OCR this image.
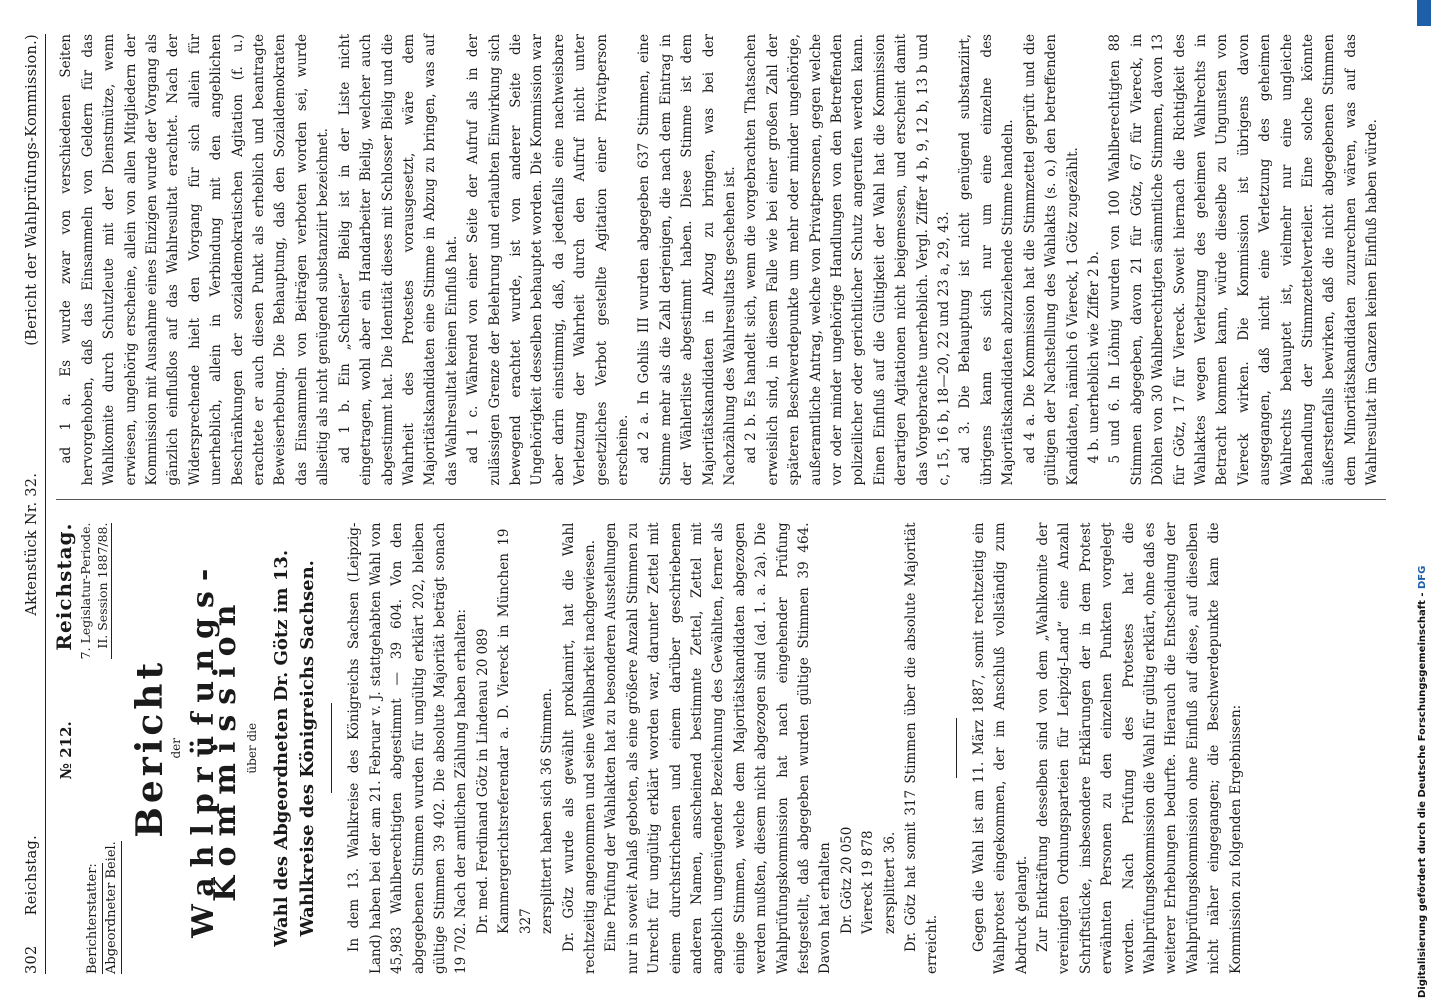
302
Reichstag.
Aktenstück Nr. 32.
(Bericht der Wahlprüfungs-Kommission.)
Berichterstatter: Abgeordneter Beiel.
№ 212.
Reichstag. 7. Legislatur-Periode. II. Session 1887/88.
Bericht
der Wahlprüfungs-Kommission über die Wahl des Abgeordneten Dr. Götz im 13. Wahlkreise des Königreichs Sachsen. In dem 13. Wahlkreise des Königreichs Sachsen (Leipzig-Land) haben bei der am 21. Februar v. J. stattgehabten Wahl von 45,983 Wahlberechtigten abgestimmt — 39 604. Von den abgegebenen Stimmen wurden für ungültig erklärt 202, bleiben gültige Stimmen 39 402. Die absolute Majorität beträgt sonach 19 702. Nach der amtlichen Zählung haben erhalten: Dr. med. Ferdinand Götz in Lindenau 20 089 Kammergerichtsreferendar a. D. Viereck in München 19 327 zersplittert haben sich 36 Stimmen. Dr. Götz wurde als gewählt proklamirt, hat die Wahl rechtzeitig angenommen und seine Wählbarkeit nachgewiesen. Eine Prüfung der Wahlakten hat zu besonderen Ausstellungen nur in soweit Anlaß geboten, als eine größere Anzahl Stimmen zu Unrecht für ungültig erklärt worden war, darunter Zettel mit einem durchstrichenen und einem darüber geschriebenen anderen Namen, anscheinend bestimmte Zettel, Zettel mit angeblich ungenügender Bezeichnung des Gewählten, ferner als einige Stimmen, welche dem Majoritätskandidaten abgezogen werden mußten, diesem nicht abgezogen sind (ad. 1. a. 2a). Die Wahlprüfungskommission hat nach eingehender Prüfung festgestellt, daß abgegeben wurden gültige Stimmen 39 464. Davon hat erhalten Dr. Götz 20 050 Viereck 19 878 zersplittert 36. Dr. Götz hat somit 317 Stimmen über die absolute Majorität erreicht. Gegen die Wahl ist am 11. März 1887, somit rechtzeitig ein Wahlprotest eingekommen, der im Anschluß vollständig zum Abdruck gelangt. Zur Entkräftung desselben sind von dem „Wahlkomite der vereinigten Ordnungsparteien für Leipzig-Land“ eine Anzahl Schriftstücke, insbesondere Erklärungen der in dem Protest erwähnten Personen zu den einzelnen Punkten vorgelegt worden. Nach Prüfung des Protestes hat die Wahlprüfungskommission die Wahl für gültig erklärt, ohne daß es weiterer Erhebungen bedurfte. Hierauch die Entscheidung der Wahlprüfungskommission ohne Einfluß auf diese, auf dieselben nicht näher eingegangen; die Beschwerdepunkte kam die Kommission zu folgenden Ergebnissen:

ad 1 a. Es wurde zwar von verschiedenen Seiten hervorgehoben, daß das Einsammeln von Geldern für das Wahlkomite durch Schutzleute mit der Dienstmütze, wenn erwiesen, ungehörig erscheine, allein von allen Mitgliedern der Kommission mit Ausnahme eines Einzigen wurde der Vorgang als gänzlich einflußlos auf das Wahlresultat erachtet. Nach der Widersprechende hielt den Vorgang für sich allein für unerheblich, allein in Verbindung mit den angeblichen Beschränkungen der sozialdemokratischen Agitation (f. u.) erachtete er auch diesen Punkt als erheblich und beantragte Beweiserhebung. Die Behauptung, daß den Sozialdemokraten das Einsammeln von Beiträgen verboten worden sei, wurde allseitig als nicht genügend substanziirt bezeichnet. ad 1 b. Ein „Schlesier“ Bielig ist in der Liste nicht eingetragen, wohl aber ein Handarbeiter Bielig, welcher auch abgestimmt hat. Die Identität dieses mit Schlosser Bielig und die Wahrheit des Protestes vorausgesetzt, wäre dem Majoritätskandidaten eine Stimme in Abzug zu bringen, was auf das Wahlresultat keinen Einfluß hat. ad 1 c. Während von einer Seite der Aufruf als in der zulässigen Grenze der Belehrung und erlaubten Einwirkung sich bewegend erachtet wurde, ist von anderer Seite die Ungehörigkeit desselben behauptet worden. Die Kommission war aber darin einstimmig, daß, da jedenfalls eine nachweisbare Verletzung der Wahrheit durch den Aufruf nicht unter gesetzliches Verbot gestellte Agitation einer Privatperson erscheine. ad 2 a. In Gohlis III wurden abgegeben 637 Stimmen, eine Stimme mehr als die Zahl derjenigen, die nach dem Eintrag in der Wählerliste abgestimmt haben. Diese Stimme ist dem Majoritätskandidaten in Abzug zu bringen, was bei der Nachzählung des Wahlresultats geschehen ist. ad 2 b. Es handelt sich, wenn die vorgebrachten Thatsachen erweislich sind, in diesem Falle wie bei einer großen Zahl der späteren Beschwerdepunkte um mehr oder minder ungehörige, außeramtliche Antrag, welche von Privatpersonen, gegen welche vor oder minder ungehörige Handlungen von den Betreffenden polizeilicher oder gerichtlicher Schutz angerufen werden kann. Einen Einfluß auf die Gültigkeit der Wahl hat die Kommission derartigen Agitationen nicht beigemessen, und erscheint damit das Vorgebrachte unerheblich. Vergl. Ziffer 4 b, 9, 12 b, 13 b und c, 15, 16 b, 18—20, 22 und 23 a, 29, 43. ad 3. Die Behauptung ist nicht genügend substanziirt, übrigens kann es sich nur um eine einzelne des Majoritätskandidaten abzuziehende Stimme handeln. ad 4 a. Die Kommission hat die Stimmzettel geprüft und die gültigen der Nachstellung des Wahlakts (s. o.) den betreffenden Kandidaten, nämlich 6 Viereck, 1 Götz zugezählt. 4 b. unerheblich wie Ziffer 2 b. 5 und 6. In Löhnig wurden von 100 Wahlberechtigten 88 Stimmen abgegeben, davon 21 für Götz, 67 für Viereck, in Döhlen von 30 Wahlberechtigten sämmtliche Stimmen, davon 13 für Götz, 17 für Viereck. Soweit hiernach die Richtigkeit des Wahlaktes wegen Verletzung des geheimen Wahlrechts in Betracht kommen kann, würde dieselbe zu Ungunsten von Viereck wirken. Die Kommission ist übrigens davon ausgegangen, daß nicht eine Verletzung des geheimen Wahlrechts behauptet ist, vielmehr nur eine ungleiche Behandlung der Stimmzettelverteiler. Eine solche könnte äußerstenfalls bewirken, daß die nicht abgegebenen Stimmen dem Minoritätskandidaten zuzurechnen wären, was auf das Wahlresultat im Ganzen keinen Einfluß haben würde.

Digitalisierung gefördert durch die Deutsche Forschungsgemeinschaft - DFG
